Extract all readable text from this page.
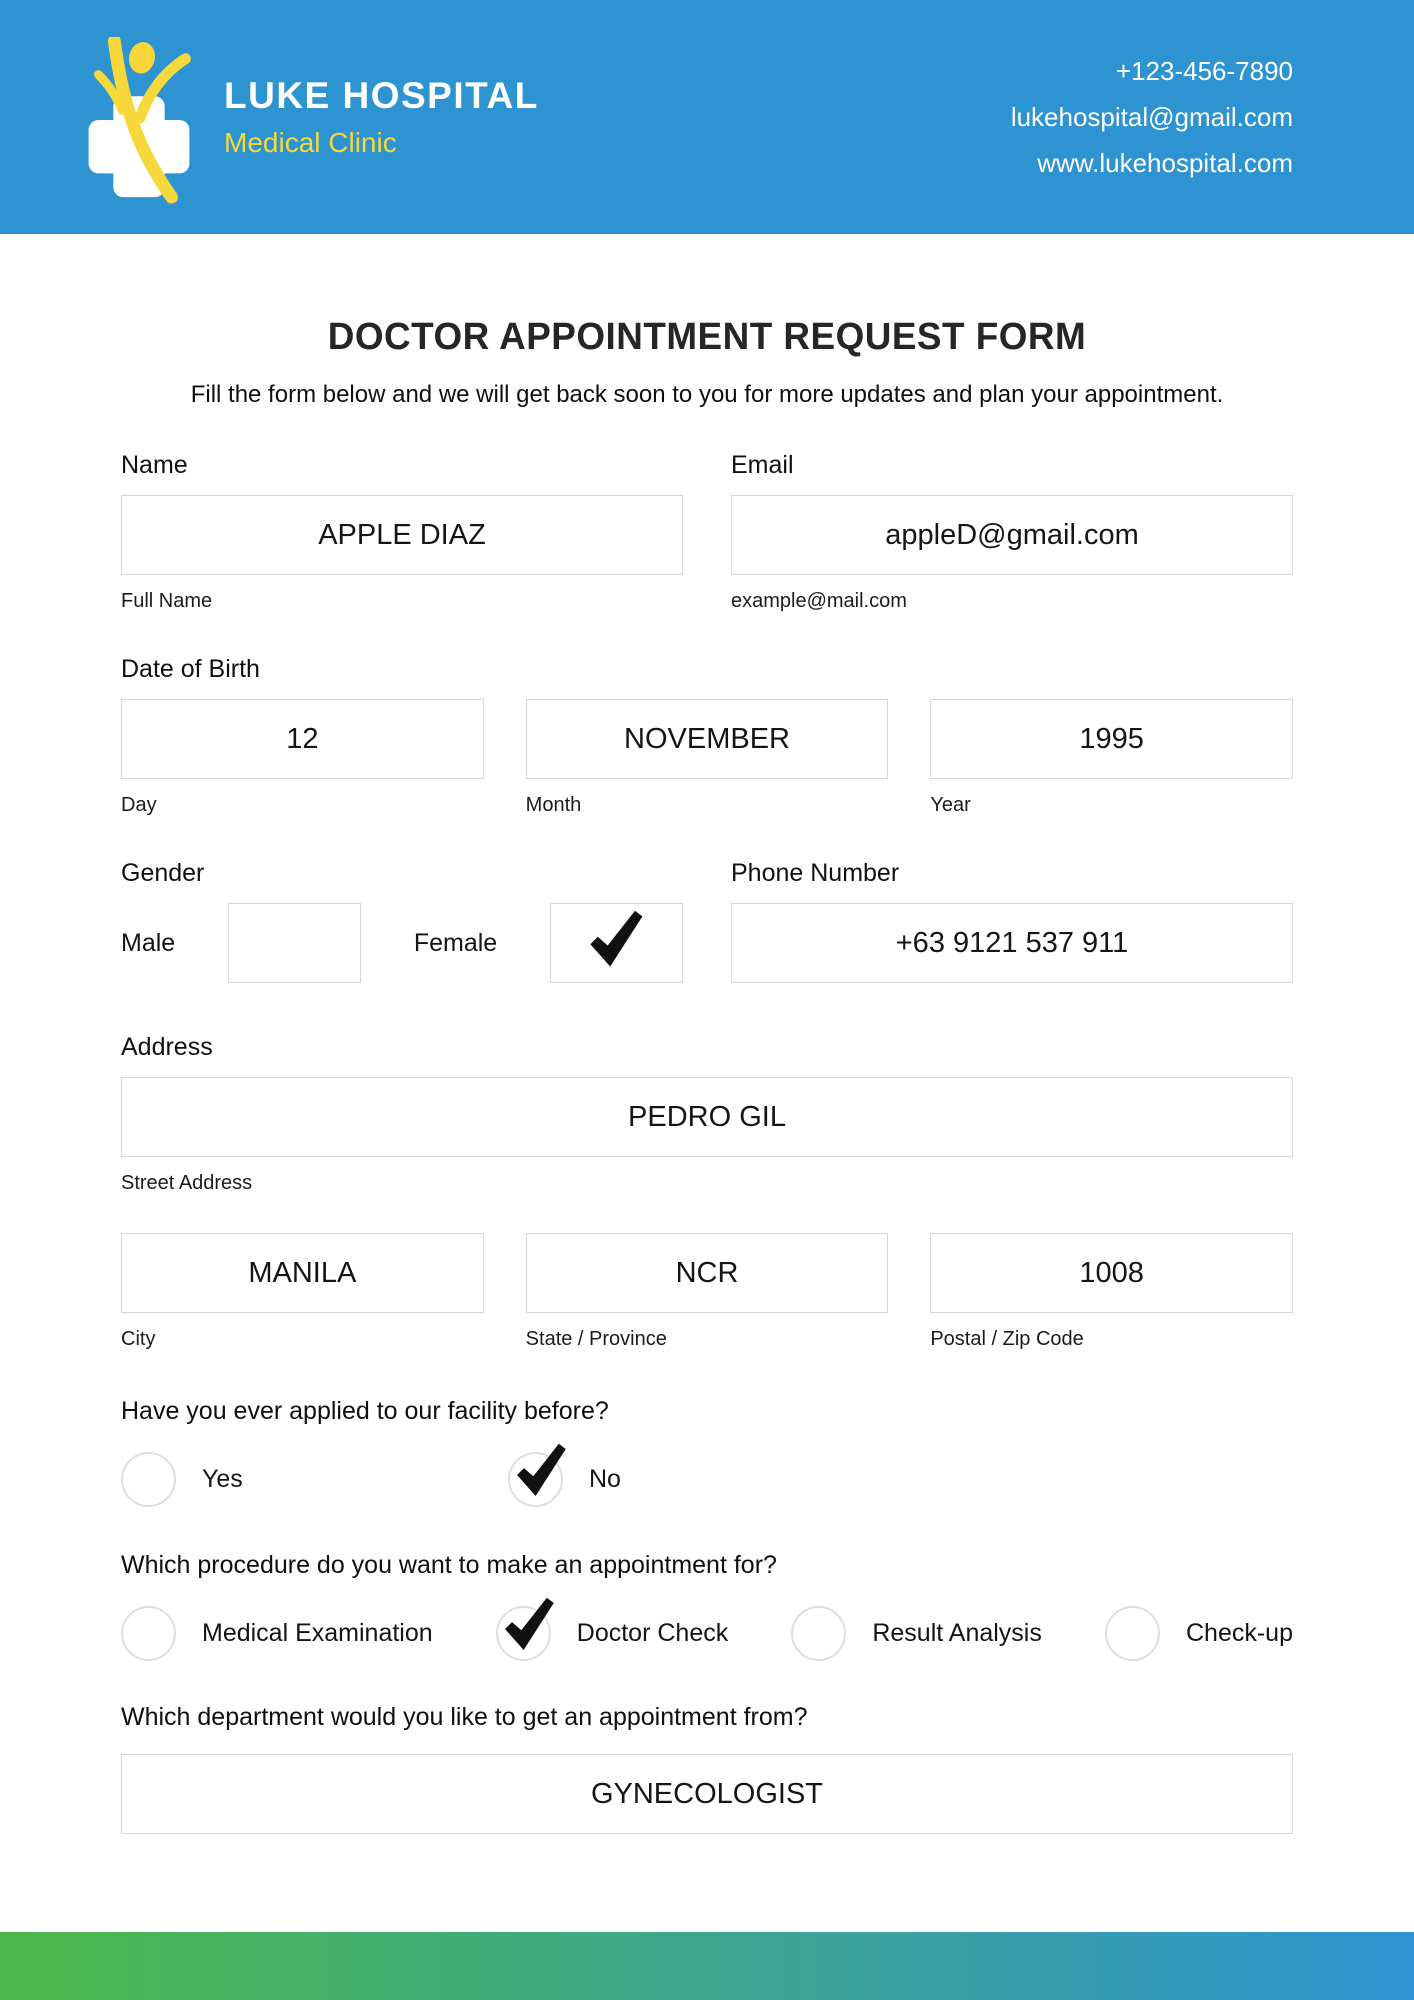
LUKE HOSPITAL
Medical Clinic
+123-456-7890
lukehospital@gmail.com
www.lukehospital.com
DOCTOR APPOINTMENT REQUEST FORM

Fill the form below and we will get back soon to you for more updates and plan your appointment.

Name
APPLE DIAZ
Full Name
Email
appleD@gmail.com
example@mail.com
Date of Birth
12
Day
NOVEMBER
Month
1995
Year
Gender
Male	Female
Phone Number
+63 9121 537 911
Address
PEDRO GIL
Street Address
MANILA
City
NCR
State / Province
1008
Postal / Zip Code
Have you ever applied to our facility before?
Yes	No
Which procedure do you want to make an appointment for?
Medical Examination	Doctor Check	Result Analysis	Check-up
Which department would you like to get an appointment from?
GYNECOLOGIST
